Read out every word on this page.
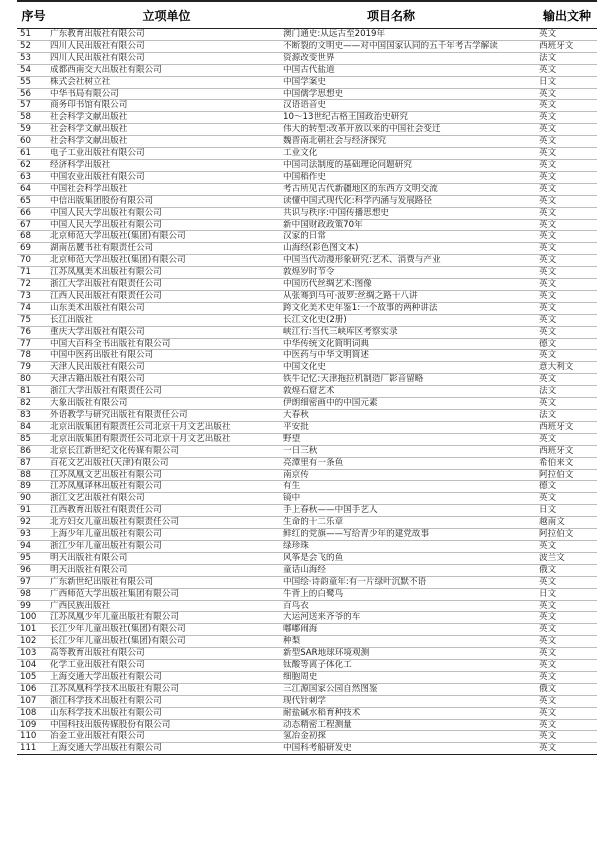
序号	立项单位	项目名称	输出文种
51	广东教育出版社有限公司	澳门通史:从远古至2019年	英文
52	四川人民出版社有限公司	不断裂的文明史——对中国国家认同的五千年考古学解读	西班牙文
53	四川人民出版社有限公司	资源改变世界	法文
54	成都西南交大出版社有限公司	中国古代盐道	英文
55	株式会社树立社	中国学案史	日文
56	中华书局有限公司	中国儒学思想史	英文
57	商务印书馆有限公司	汉语语音史	英文
58	社会科学文献出版社	10～13世纪古格王国政治史研究	英文
59	社会科学文献出版社	伟大的转型:改革开放以来的中国社会变迁	英文
60	社会科学文献出版社	魏晋南北朝社会与经济探究	英文
61	电子工业出版社有限公司	工业文化	英文
62	经济科学出版社	中国司法制度的基础理论问题研究	英文
63	中国农业出版社有限公司	中国稻作史	英文
64	中国社会科学出版社	考古所见古代新疆地区的东西方文明交流	英文
65	中信出版集团股份有限公司	读懂中国式现代化:科学内涵与发展路径	英文
66	中国人民大学出版社有限公司	共识与秩序:中国传播思想史	英文
67	中国人民大学出版社有限公司	新中国财政政策70年	英文
68	北京师范大学出版社(集团)有限公司	汉家的日常	英文
69	湖南岳麓书社有限责任公司	山海经(彩色图文本)	英文
70	北京师范大学出版社(集团)有限公司	中国当代动漫形象研究:艺术、消费与产业	英文
71	江苏凤凰美术出版社有限公司	敦煌岁时节令	英文
72	浙江大学出版社有限责任公司	中国历代丝绸艺术:图像	英文
73	江西人民出版社有限责任公司	从张骞到马可·波罗:丝绸之路十八讲	英文
74	山东美术出版社有限公司	跨文化美术史年鉴1:一个故事的两种讲法	英文
75	长江出版社	长江文化史(2册)	英文
76	重庆大学出版社有限公司	峡江行:当代三峡库区考察实录	英文
77	中国大百科全书出版社有限公司	中华传统文化简明词典	德文
78	中国中医药出版社有限公司	中医药与中华文明简述	英文
79	天津人民出版社有限公司	中国文化史	意大利文
80	天津古籍出版社有限公司	铁牛记忆:天津拖拉机制造厂影音留略	英文
81	浙江大学出版社有限责任公司	敦煌石窟艺术	法文
82	大象出版社有限公司	伊朗细密画中的中国元素	英文
83	外语教学与研究出版社有限责任公司	大春秋	法文
84	北京出版集团有限责任公司北京十月文艺出版社	平安批	西班牙文
85	北京出版集团有限责任公司北京十月文艺出版社	野望	英文
86	北京长江新世纪文化传媒有限公司	一日三秋	西班牙文
87	百花文艺出版社(天津)有限公司	亮潭里有一条鱼	希伯来文
88	江苏凤凰文艺出版社有限公司	南京传	阿拉伯文
89	江苏凤凰译林出版社有限公司	有生	德文
90	浙江文艺出版社有限公司	镜中	英文
91	江西教育出版社有限责任公司	手上春秋——中国手艺人	日文
92	北方妇女儿童出版社有限责任公司	生命的十二乐章	越南文
93	上海少年儿童出版社有限公司	鲜红的党旗——写给青少年的建党故事	阿拉伯文
94	浙江少年儿童出版社有限公司	绿珍珠	英文
95	明天出版社有限公司	风筝是会飞的鱼	波兰文
96	明天出版社有限公司	童话山海经	俄文
97	广东新世纪出版社有限公司	中国绘·诗韵童年:有一片绿叶沉默不语	英文
98	广西师范大学出版社集团有限公司	牛背上的白鹭鸟	日文
99	广西民族出版社	百鸟衣	英文
100	江苏凤凰少年儿童出版社有限公司	大运河送来齐爷的车	英文
101	长江少年儿童出版社(集团)有限公司	嘟嘟闹海	英文
102	长江少年儿童出版社(集团)有限公司	种梨	英文
103	高等教育出版社有限公司	新型SAR地球环境观测	英文
104	化学工业出版社有限公司	钛酸等离子体化工	英文
105	上海交通大学出版社有限公司	细胞周史	英文
106	江苏凤凰科学技术出版社有限公司	三江源国家公园自然图鉴	俄文
107	浙江科学技术出版社有限公司	现代针刺学	英文
108	山东科学技术出版社有限公司	耐盐碱水稻育种技术	英文
109	中国科技出版传媒股份有限公司	动态精密工程测量	英文
110	冶金工业出版社有限公司	氢冶金初探	英文
111	上海交通大学出版社有限公司	中国科考船研发史	英文
